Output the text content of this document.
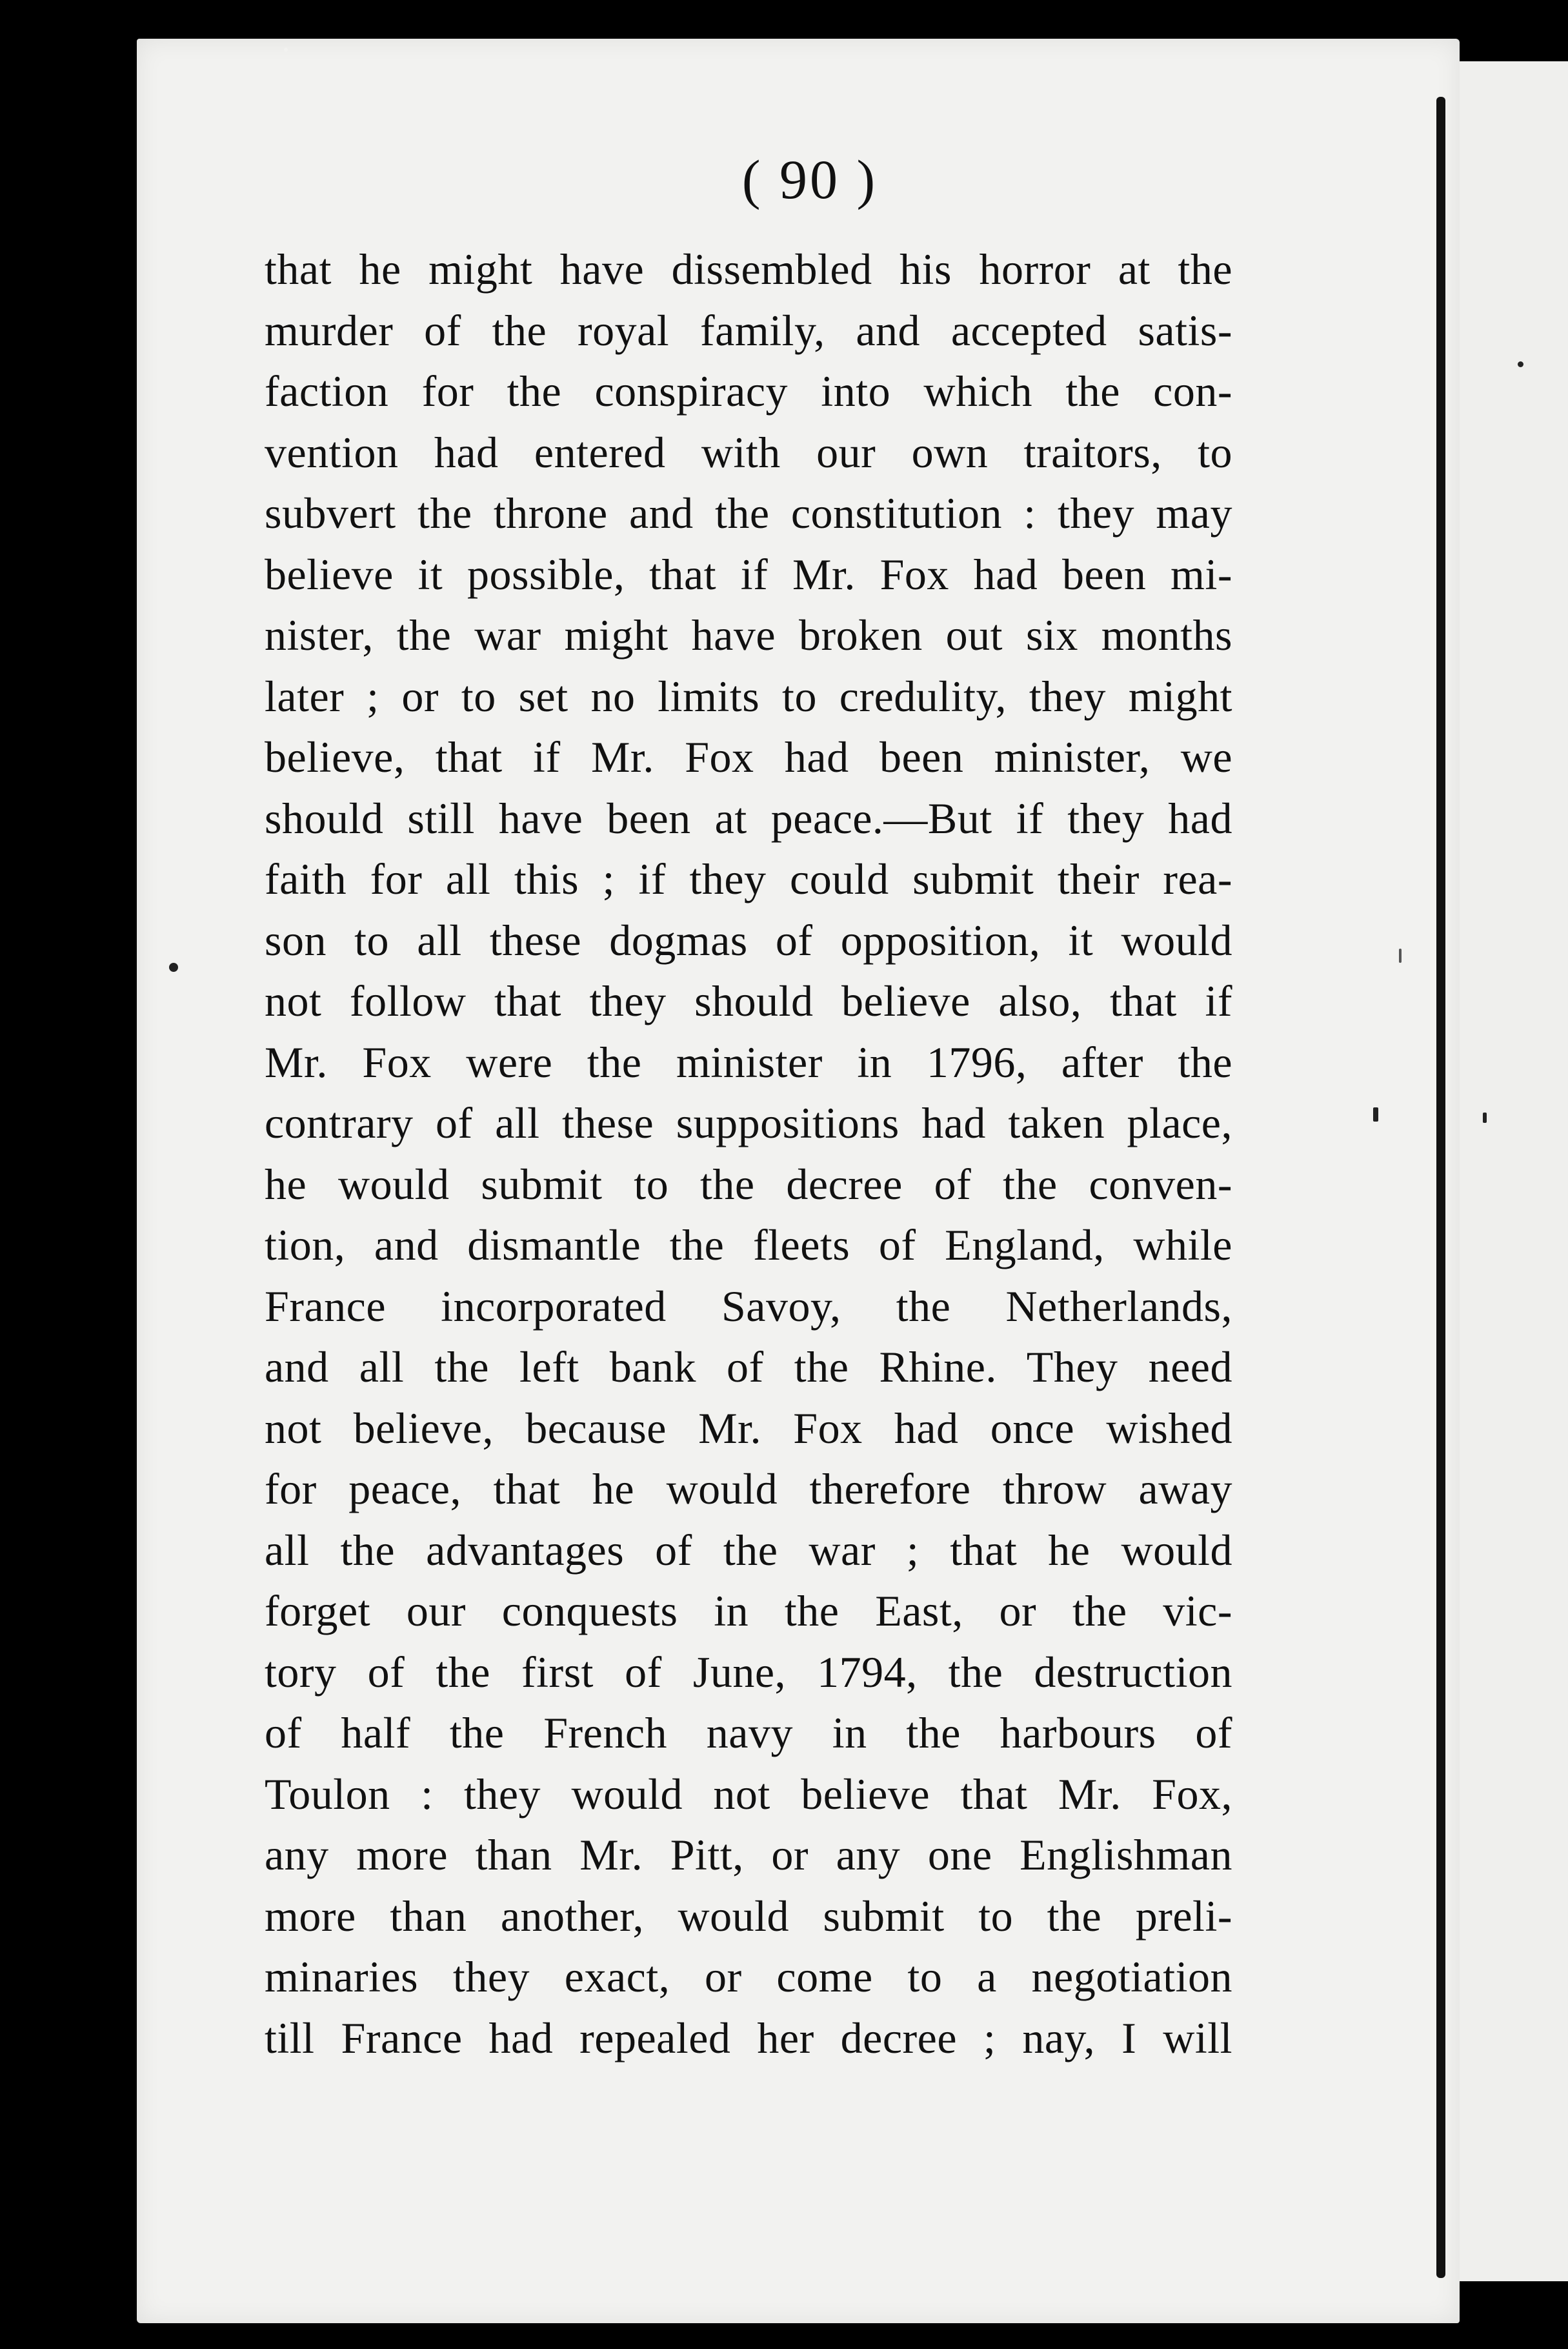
( 90 )
that he might have dissembled his horror at the
murder of the royal family, and accepted satis-
faction for the conspiracy into which the con-
vention had entered with our own traitors, to
subvert the throne and the constitution : they may
believe it possible, that if Mr. Fox had been mi-
nister, the war might have broken out six months
later ; or to set no limits to credulity, they might
believe, that if Mr. Fox had been minister, we
should still have been at peace.—But if they had
faith for all this ; if they could submit their rea-
son to all these dogmas of opposition, it would
not follow that they should believe also, that if
Mr. Fox were the minister in 1796, after the
contrary of all these suppositions had taken place,
he would submit to the decree of the conven-
tion, and dismantle the fleets of England, while
France incorporated Savoy, the Netherlands,
and all the left bank of the Rhine. They need
not believe, because Mr. Fox had once wished
for peace, that he would therefore throw away
all the advantages of the war ; that he would
forget our conquests in the East, or the vic-
tory of the first of June, 1794, the destruction
of half the French navy in the harbours of
Toulon : they would not believe that Mr. Fox,
any more than Mr. Pitt, or any one Englishman
more than another, would submit to the preli-
minaries they exact, or come to a negotiation
till France had repealed her decree ; nay, I will
